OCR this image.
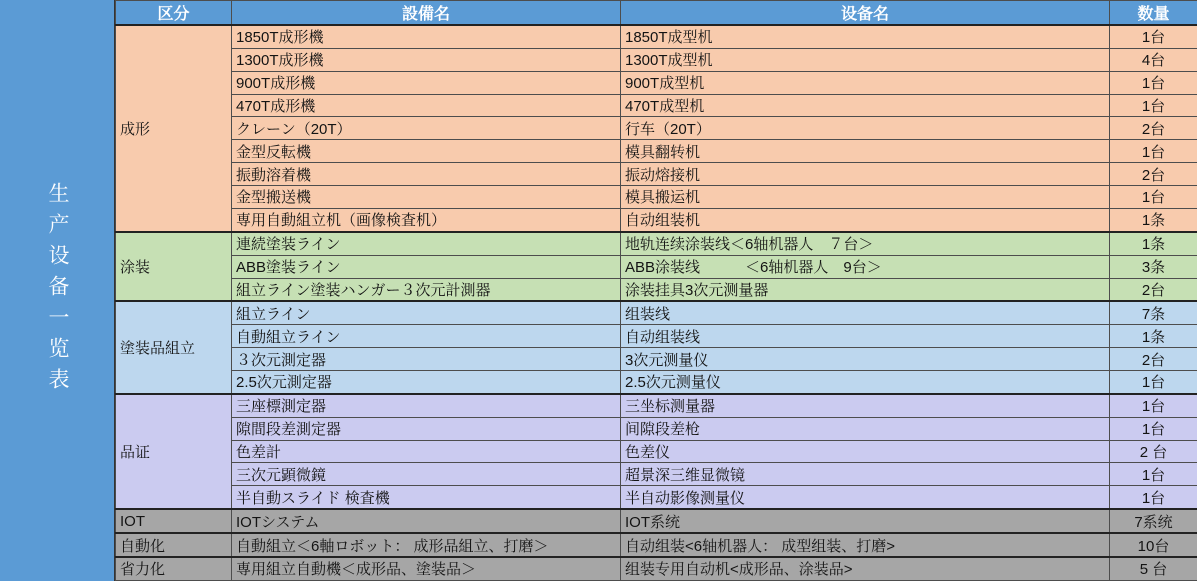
生产设备一览表
区分	設備名	设备名	数量
成形	1850T成形機	1850T成型机	1台
	1300T成形機	1300T成型机	4台
	900T成形機	900T成型机	1台
	470T成形機	470T成型机	1台
	クレーン（20T）	行车（20T）	2台
	金型反転機	模具翻转机	1台
	振動溶着機	振动熔接机	2台
	金型搬送機	模具搬运机	1台
	専用自動組立机（画像検査机）	自动组装机	1条
涂装	連続塗装ライン	地轨连续涂装线＜6轴机器人　７台＞	1条
	ABB塗装ライン	ABB涂装线　　　＜6轴机器人　9台＞	3条
	組立ライン塗装ハンガー３次元計測器	涂装挂具3次元测量器	2台
塗装品組立	組立ライン	组装线	7条
	自動組立ライン	自动组装线	1条
	３次元測定器	3次元测量仪	2台
	2.5次元測定器	2.5次元测量仪	1台
品证	三座標測定器	三坐标测量器	1台
	隙間段差測定器	间隙段差枪	1台
	色差計	色差仪	2 台
	三次元顕微鏡	超景深三维显微镜	1台
	半自動スライド 検査機	半自动影像测量仪	1台
IOT	IOTシステム	IOT系统	7系统
自動化	自動組立＜6軸ロボット： 成形品組立、打磨＞	自动组装<6轴机器人： 成型组装、打磨>	10台
省力化	専用組立自動機＜成形品、塗装品＞	组装专用自动机<成形品、涂装品>	5 台
